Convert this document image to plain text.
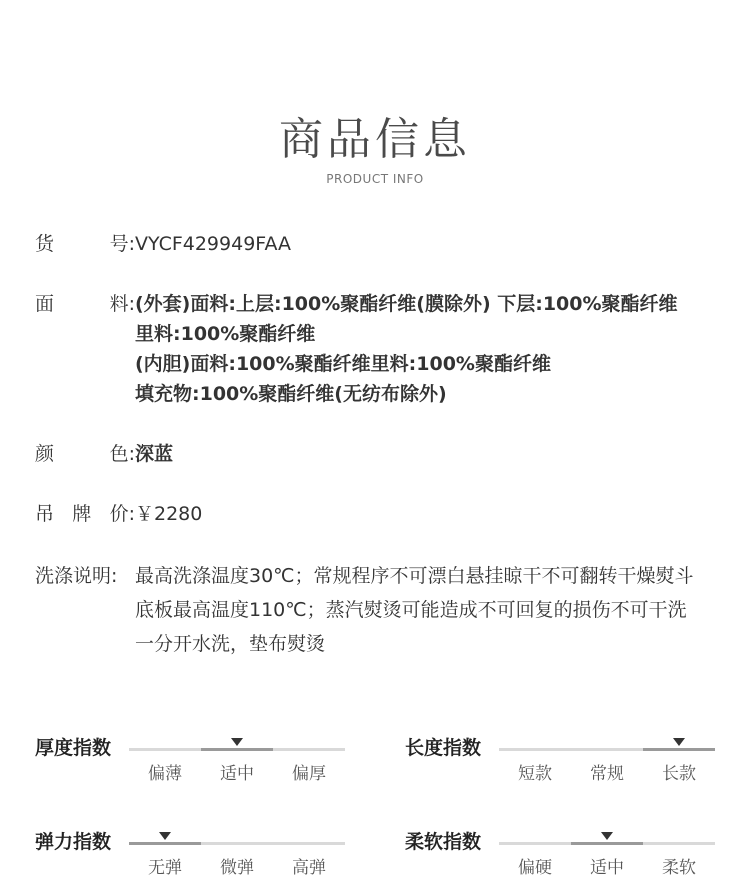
商品信息
PRODUCT INFO
货	号: VYCF429949FAA
面	料: (外套)面料:上层:100%聚酯纤维(膜除外) 下层:100%聚酯纤维
里料:100%聚酯纤维
(内胆)面料:100%聚酯纤维里料:100%聚酯纤维
填充物:100%聚酯纤维(无纺布除外)
颜	色: 深蓝
吊 牌 价: ￥2280
洗涤说明: 最高洗涤温度30℃；常规程序不可漂白悬挂晾干不可翻转干燥熨斗
底板最高温度110℃；蒸汽熨烫可能造成不可回复的损伤不可干洗
一分开水洗，垫布熨烫
厚度指数
偏薄	适中	偏厚
长度指数
短款	常规	长款
弹力指数
无弹	微弹	高弹
柔软指数
偏硬	适中	柔软
